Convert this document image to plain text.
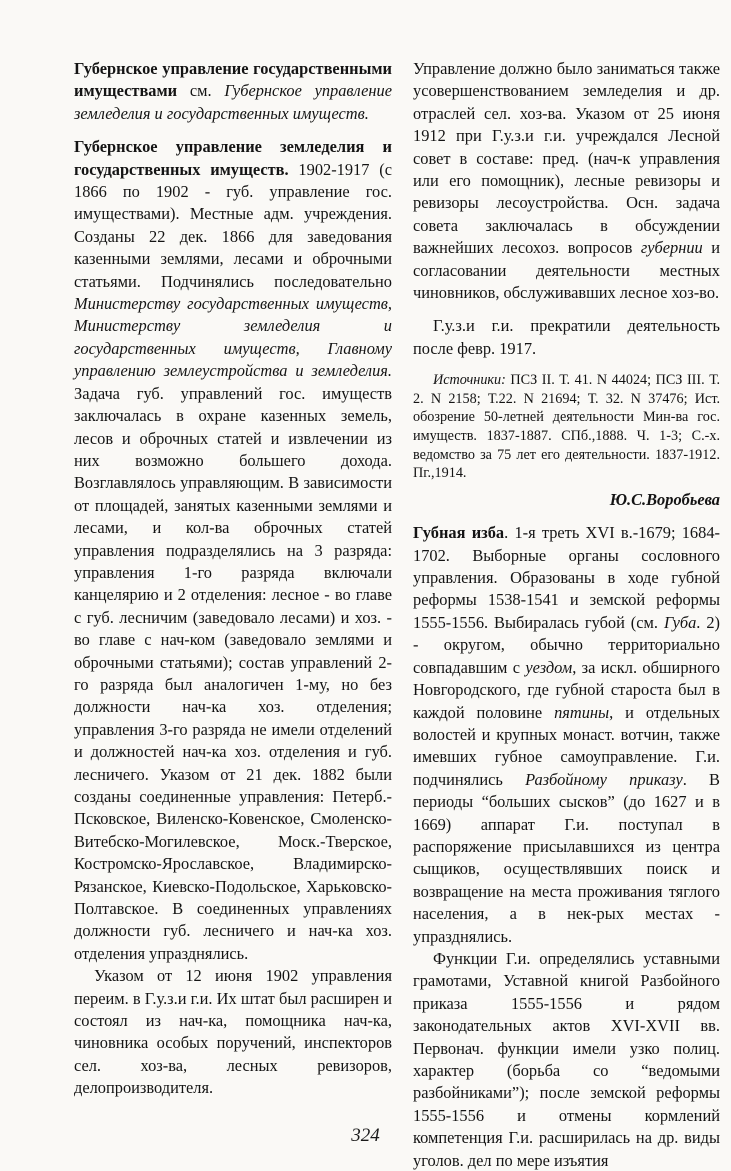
Губернское управление государственными имуществами см. Губернское управление земледелия и государственных имуществ.

Губернское управление земледелия и государственных имуществ. 1902-1917 (с 1866 по 1902 - губ. управление гос. имуществами). Местные адм. учреждения. Созданы 22 дек. 1866 для заведования казенными землями, лесами и оброчными статьями. Подчинялись последовательно Министерству государственных имуществ, Министерству земледелия и государственных имуществ, Главному управлению землеустройства и земледелия. Задача губ. управлений гос. имуществ заключалась в охране казенных земель, лесов и оброчных статей и извлечении из них возможно большего дохода. Возглавлялось управляющим. В зависимости от площадей, занятых казенными землями и лесами, и кол-ва оброчных статей управления подразделялись на 3 разряда: управления 1-го разряда включали канцелярию и 2 отделения: лесное - во главе с губ. лесничим (заведовало лесами) и хоз. - во главе с нач-ком (заведовало землями и оброчными статьями); состав управлений 2-го разряда был аналогичен 1-му, но без должности нач-ка хоз. отделения; управления 3-го разряда не имели отделений и должностей нач-ка хоз. отделения и губ. лесничего. Указом от 21 дек. 1882 были созданы соединенные управления: Петерб.-Псковское, Виленско-Ковенское, Смоленско-Витебско-Могилевское, Моск.-Тверское, Костромско-Ярославское, Владимирско-Рязанское, Киевско-Подольское, Харьковско-Полтавское. В соединенных управлениях должности губ. лесничего и нач-ка хоз. отделения упразднялись.

Указом от 12 июня 1902 управления переим. в Г.у.з.и г.и. Их штат был расширен и состоял из нач-ка, помощника нач-ка, чиновника особых поручений, инспекторов сел. хоз-ва, лесных ревизоров, делопроизводителя.

Управление должно было заниматься также усовершенствованием земледелия и др. отраслей сел. хоз-ва. Указом от 25 июня 1912 при Г.у.з.и г.и. учреждался Лесной совет в составе: пред. (нач-к управления или его помощник), лесные ревизоры и ревизоры лесоустройства. Осн. задача совета заключалась в обсуждении важнейших лесохоз. вопросов губернии и согласовании деятельности местных чиновников, обслуживавших лесное хоз-во.

Г.у.з.и г.и. прекратили деятельность после февр. 1917.

Источники: ПСЗ II. Т. 41. N 44024; ПСЗ III. Т. 2. N 2158; Т.22. N 21694; Т. 32. N 37476; Ист. обозрение 50-летней деятельности Мин-ва гос. имуществ. 1837-1887. СПб.,1888. Ч. 1-3; С.-х. ведомство за 75 лет его деятельности. 1837-1912. Пг.,1914.

Ю.С.Воробьева

Губная изба. 1-я треть XVI в.-1679; 1684-1702. Выборные органы сословного управления. Образованы в ходе губной реформы 1538-1541 и земской реформы 1555-1556. Выбиралась губой (см. Губа. 2) - округом, обычно территориально совпадавшим с уездом, за искл. обширного Новгородского, где губной староста был в каждой половине пятины, и отдельных волостей и крупных монаст. вотчин, также имевших губное самоуправление. Г.и. подчинялись Разбойному приказу. В периоды “больших сысков” (до 1627 и в 1669) аппарат Г.и. поступал в распоряжение присылавшихся из центра сыщиков, осуществлявших поиск и возвращение на места проживания тяглого населения, а в нек-рых местах - упразднялись.

Функции Г.и. определялись уставными грамотами, Уставной книгой Разбойного приказа 1555-1556 и рядом законодательных актов XVI-XVII вв. Первонач. функции имели узко полиц. характер (борьба со “ведомыми разбойниками”); после земской реформы 1555-1556 и отмены кормлений компетенция Г.и. расширилась на др. виды уголов. дел по мере изъятия

324
